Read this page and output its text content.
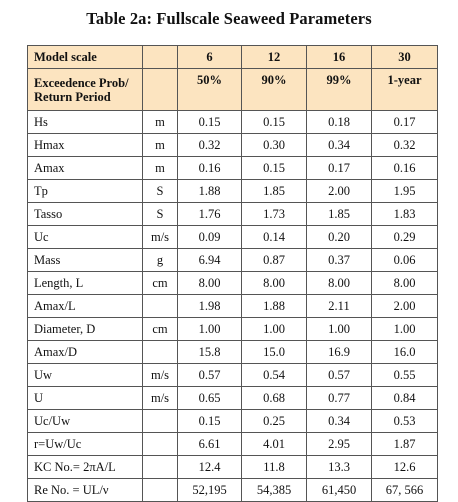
Table 2a: Fullscale Seaweed Parameters
Model scale		6	12	16	30
Exceedence Prob/
Return Period		50%	90%	99%	1-year
Hs	m	0.15	0.15	0.18	0.17
Hmax	m	0.32	0.30	0.34	0.32
Amax	m	0.16	0.15	0.17	0.16
Tp	S	1.88	1.85	2.00	1.95
Tasso	S	1.76	1.73	1.85	1.83
Uc	m/s	0.09	0.14	0.20	0.29
Mass	g	6.94	0.87	0.37	0.06
Length, L	cm	8.00	8.00	8.00	8.00
Amax/L		1.98	1.88	2.11	2.00
Diameter, D	cm	1.00	1.00	1.00	1.00
Amax/D		15.8	15.0	16.9	16.0
Uw	m/s	0.57	0.54	0.57	0.55
U	m/s	0.65	0.68	0.77	0.84
Uc/Uw		0.15	0.25	0.34	0.53
r=Uw/Uc		6.61	4.01	2.95	1.87
KC No.= 2πA/L		12.4	11.8	13.3	12.6
Re No. = UL/ν		52,195	54,385	61,450	67, 566
